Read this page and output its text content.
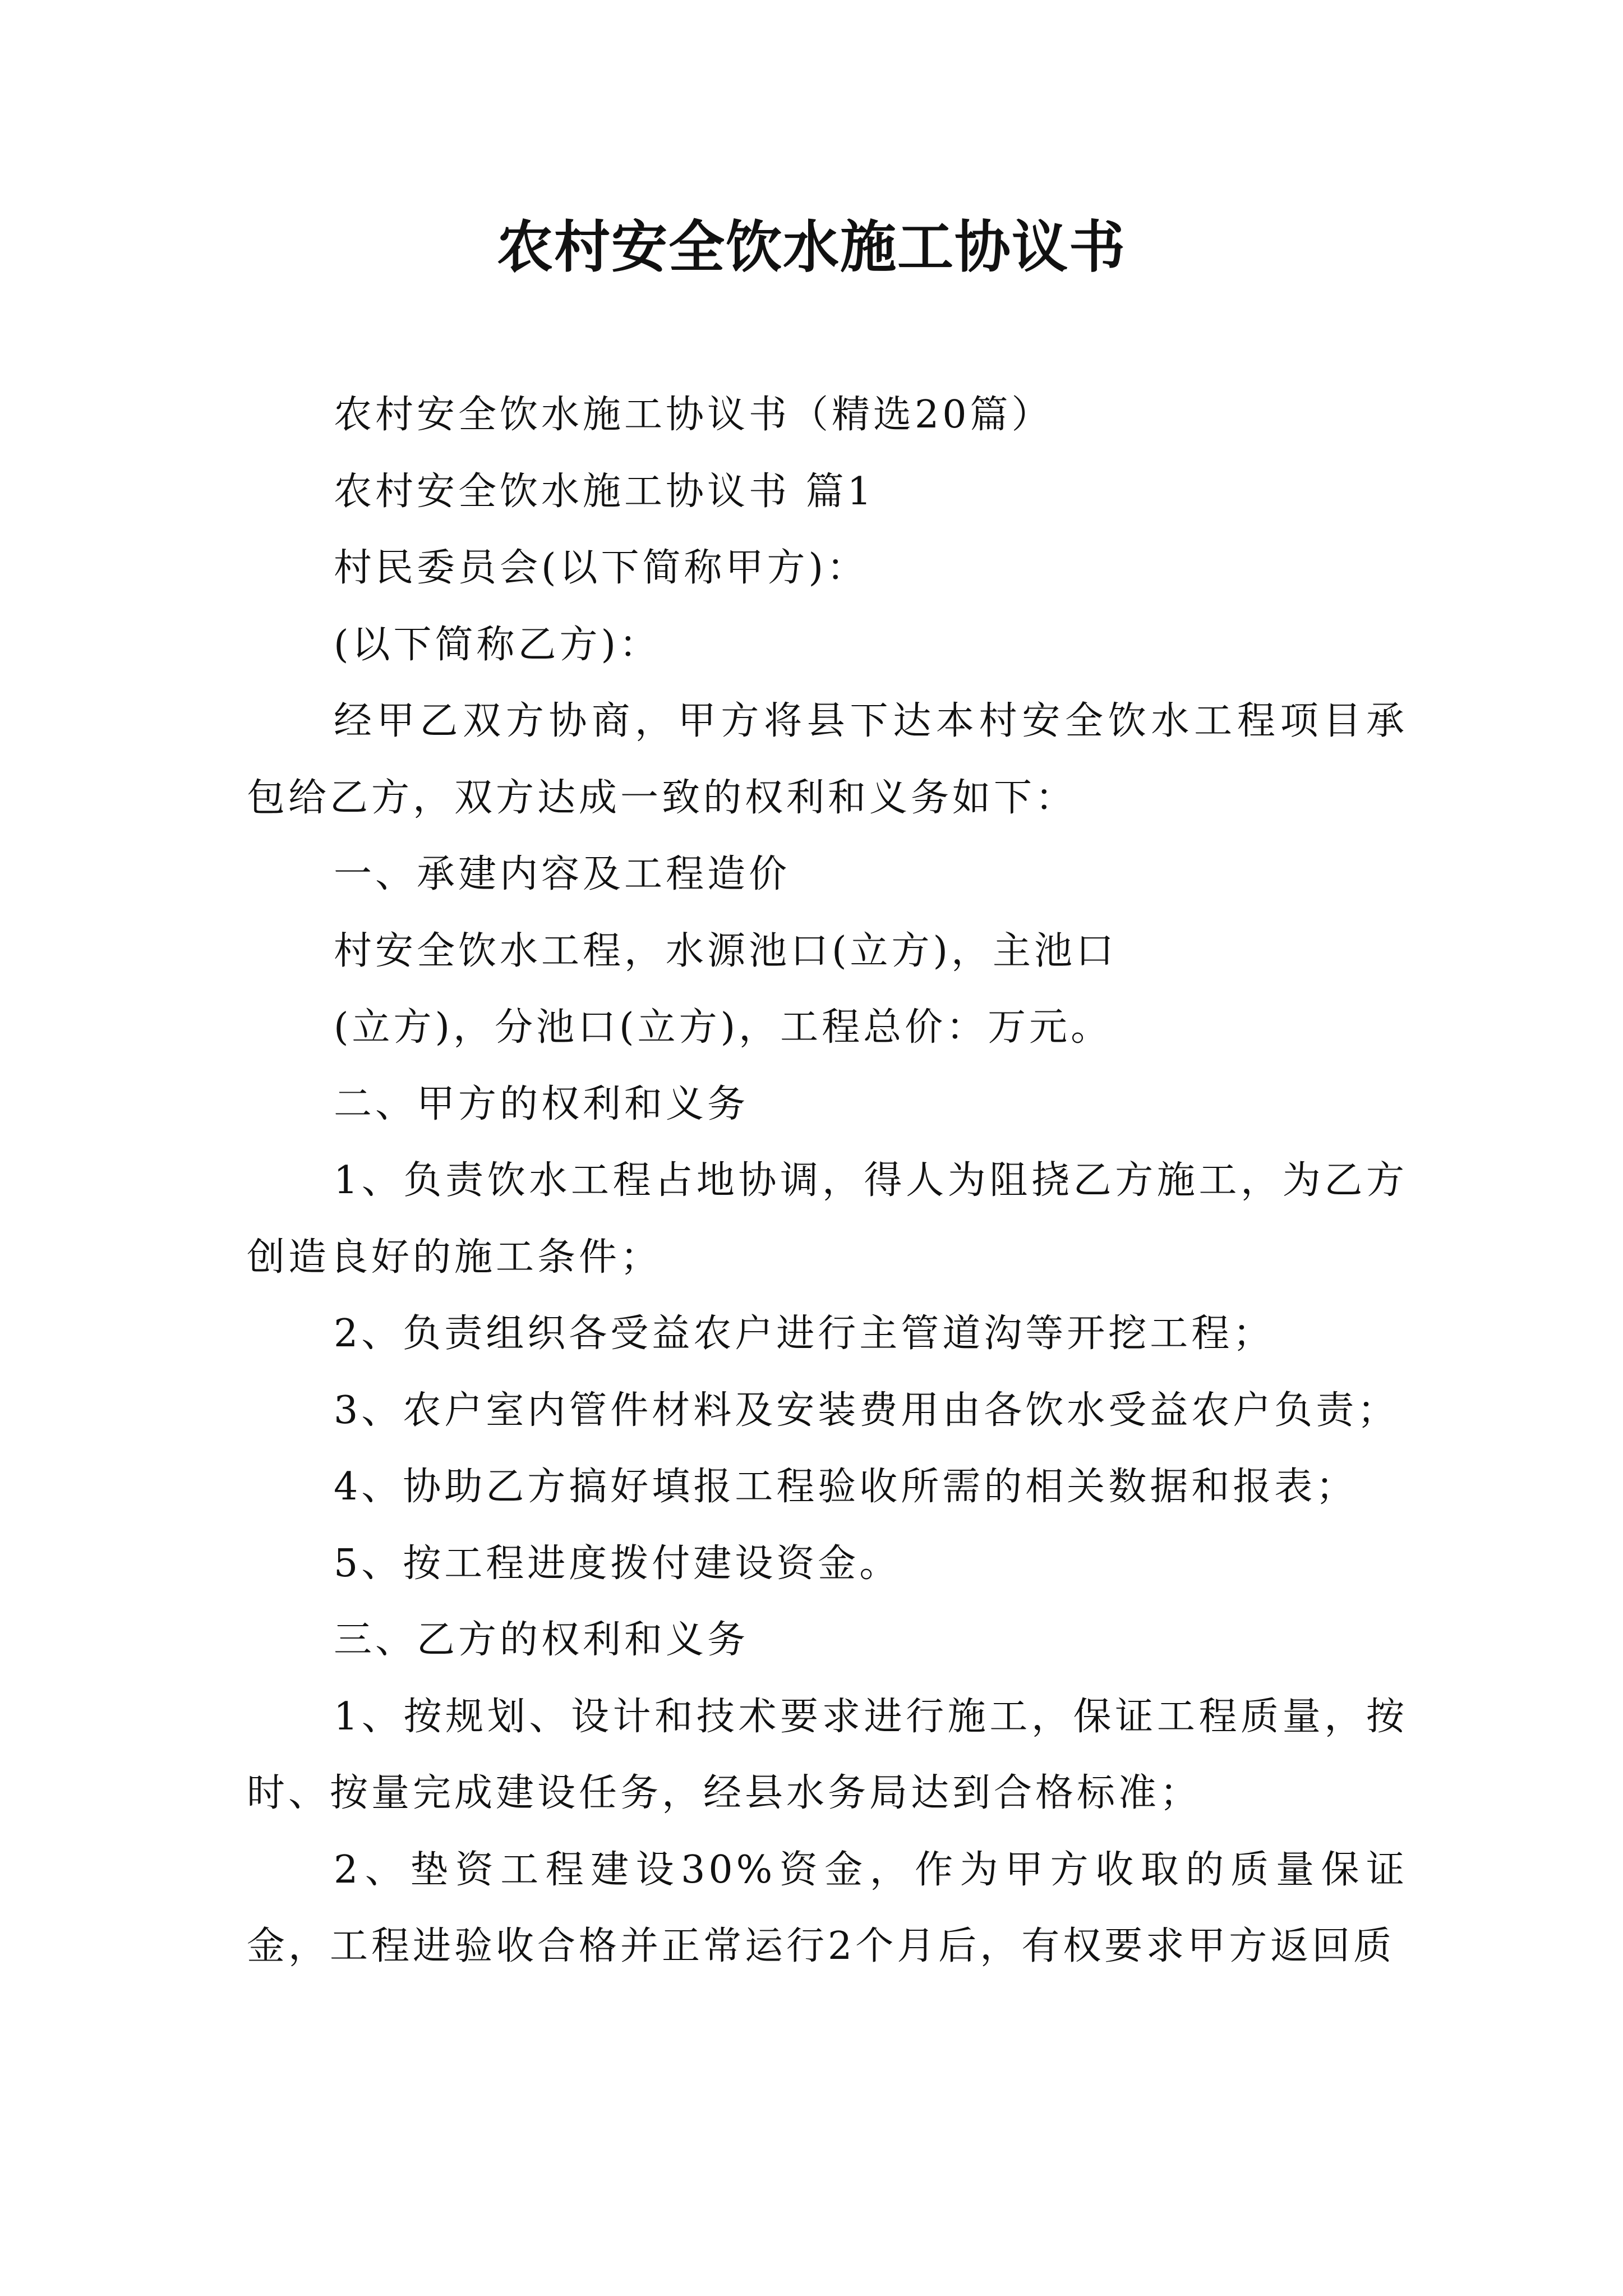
农村安全饮水施工协议书

农村安全饮水施工协议书（精选20篇）

农村安全饮水施工协议书 篇1

村民委员会(以下简称甲方)：

(以下简称乙方)：

经甲乙双方协商，甲方将县下达本村安全饮水工程项目承包给乙方，双方达成一致的权利和义务如下：

一、承建内容及工程造价

村安全饮水工程，水源池口(立方)，主池口

(立方)，分池口(立方)，工程总价：万元。

二、甲方的权利和义务

1、负责饮水工程占地协调，得人为阻挠乙方施工，为乙方创造良好的施工条件；

2、负责组织各受益农户进行主管道沟等开挖工程；

3、农户室内管件材料及安装费用由各饮水受益农户负责；

4、协助乙方搞好填报工程验收所需的相关数据和报表；

5、按工程进度拨付建设资金。

三、乙方的权利和义务

1、按规划、设计和技术要求进行施工，保证工程质量，按时、按量完成建设任务，经县水务局达到合格标准；

2、垫资工程建设30%资金，作为甲方收取的质量保证金，工程进验收合格并正常运行2个月后，有权要求甲方返回质
